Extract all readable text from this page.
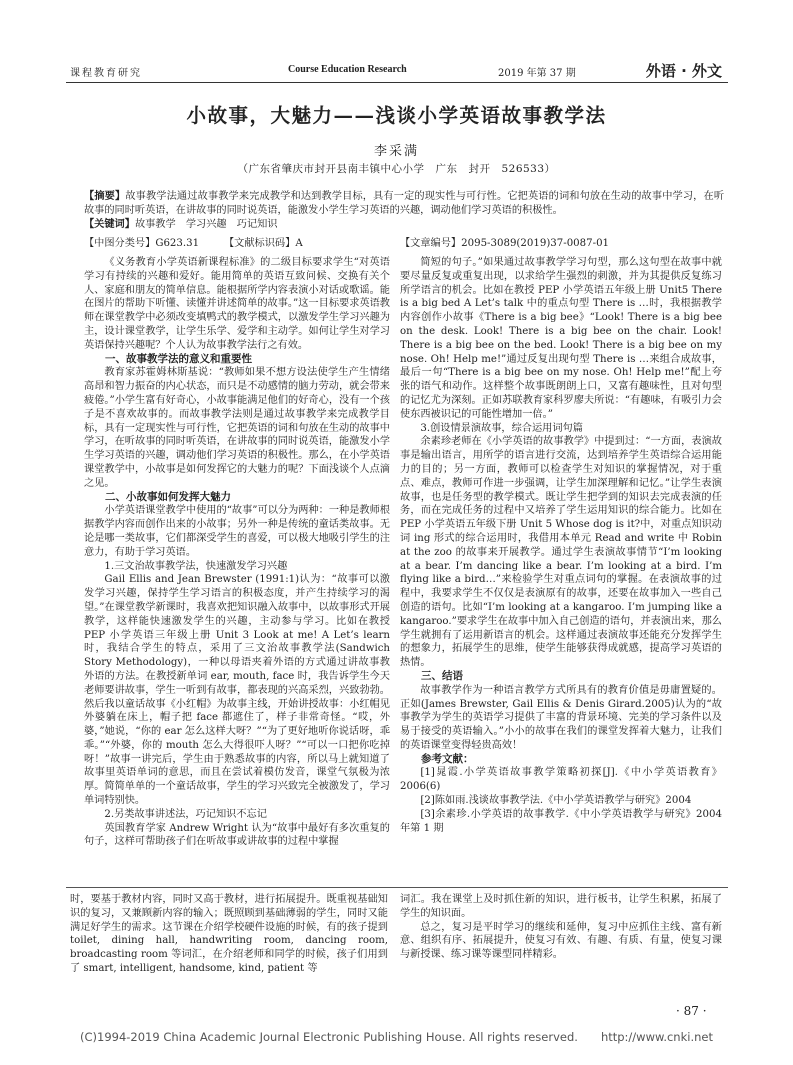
课程教育研究	Course Education Research	2019 年第 37 期	外语 · 外文
小故事，大魅力——浅谈小学英语故事教学法
李采满
（广东省肇庆市封开县南丰镇中心小学　广东　封开　526533）
【摘要】故事教学法通过故事教学来完成教学和达到教学目标，具有一定的现实性与可行性。它把英语的词和句放在生动的故事中学习，在听故事的同时听英语，在讲故事的同时说英语，能激发小学生学习英语的兴趣，调动他们学习英语的积极性。
【关键词】故事教学　学习兴趣　巧记知识
【中图分类号】G623.31 【文献标识码】A	【文章编号】2095-3089(2019)37-0087-01

《义务教育小学英语新课程标准》的二级目标要求学生“对英语学习有持续的兴趣和爱好。能用简单的英语互致问候、交换有关个人、家庭和朋友的简单信息。能根据所学内容表演小对话或歌谣。能在图片的帮助下听懂、读懂并讲述简单的故事。”这一目标要求英语教师在课堂教学中必须改变填鸭式的教学模式，以激发学生学习兴趣为主，设计课堂教学，让学生乐学、爱学和主动学。如何让学生对学习英语保持兴趣呢？个人认为故事教学法行之有效。

一、故事教学法的意义和重要性

教育家苏霍姆林斯基说：“教师如果不想方设法使学生产生情绪高昂和智力振奋的内心状态，而只是不动感情的脑力劳动，就会带来疲倦。”小学生富有好奇心，小故事能满足他们的好奇心，没有一个孩子是不喜欢故事的。而故事教学法则是通过故事教学来完成教学目标，具有一定现实性与可行性，它把英语的词和句放在生动的故事中学习，在听故事的同时听英语，在讲故事的同时说英语，能激发小学生学习英语的兴趣，调动他们学习英语的积极性。那么，在小学英语课堂教学中，小故事是如何发挥它的大魅力的呢？下面浅谈个人点滴之见。

二、小故事如何发挥大魅力

小学英语课堂教学中使用的“故事”可以分为两种：一种是教师根据教学内容而创作出来的小故事；另外一种是传统的童话类故事。无论是哪一类故事，它们都深受学生的喜爱，可以极大地吸引学生的注意力，有助于学习英语。

1.三文治故事教学法，快速激发学习兴趣

Gail Ellis and Jean Brewster (1991:1)认为：“故事可以激发学习兴趣，保持学生学习语言的积极态度，并产生持续学习的渴望。”在课堂教学新课时，我喜欢把知识融入故事中，以故事形式开展教学，这样能快速激发学生的兴趣，主动参与学习。比如在教授 PEP 小学英语三年级上册 Unit 3 Look at me! A Let’s learn 时，我结合学生的特点，采用了三文治故事教学法(Sandwich Story Methodology)，一种以母语夹着外语的方式通过讲故事教外语的方法。在教授新单词 ear, mouth, face 时，我告诉学生今天老师要讲故事，学生一听到有故事，都表现的兴高采烈，兴致勃勃。然后我以童话故事《小红帽》为故事主线，开始讲授故事：小红帽见外婆躺在床上，帽子把 face 都遮住了，样子非常奇怪。“哎，外婆，”她说，“你的 ear 怎么这样大呀？”“为了更好地听你说话呀，乖乖。”“外婆，你的 mouth 怎么大得很吓人呀？”“可以一口把你吃掉呀！”故事一讲完后，学生由于熟悉故事的内容，所以马上就知道了故事里英语单词的意思，而且在尝试着模仿发音，课堂气氛极为浓厚。简简单单的一个童话故事，学生的学习兴致完全被激发了，学习单词特别快。

2.另类故事讲述法，巧记知识不忘记

英国教育学家 Andrew Wright 认为“故事中最好有多次重复的句子，这样可帮助孩子们在听故事或讲故事的过程中掌握

简短的句子。”如果通过故事教学学习句型，那么这句型在故事中就要尽量反复或重复出现，以求给学生强烈的刺激，并为其提供反复练习所学语言的机会。比如在教授 PEP 小学英语五年级上册 Unit5 There is a big bed A Let’s talk 中的重点句型 There is …时，我根据教学内容创作小故事《There is a big bee》“Look! There is a big bee on the desk. Look! There is a big bee on the chair. Look! There is a big bee on the bed. Look! There is a big bee on my nose. Oh! Help me!”通过反复出现句型 There is …来组合成故事，最后一句“There is a big bee on my nose. Oh! Help me!”配上夸张的语气和动作。这样整个故事既朗朗上口，又富有趣味性，且对句型的记忆尤为深刻。正如苏联教育家科罗廖夫所说：“有趣味，有吸引力会使东西被识记的可能性增加一倍。”

3.创设情景演故事，综合运用词句篇

余素珍老师在《小学英语的故事教学》中提到过：“一方面，表演故事是输出语言，用所学的语言进行交流，达到培养学生英语综合运用能力的目的；另一方面，教师可以检查学生对知识的掌握情况，对于重点、难点，教师可作进一步强调，让学生加深理解和记忆。”让学生表演故事，也是任务型的教学模式。既让学生把学到的知识去完成表演的任务，而在完成任务的过程中又培养了学生运用知识的综合能力。比如在 PEP 小学英语五年级下册 Unit 5 Whose dog is it?中，对重点知识动词 ing 形式的综合运用时，我借用本单元 Read and write 中 Robin at the zoo 的故事来开展教学。通过学生表演故事情节“I’m looking at a bear. I’m dancing like a bear. I’m looking at a bird. I’m flying like a bird…”来检验学生对重点词句的掌握。在表演故事的过程中，我要求学生不仅仅是表演原有的故事，还要在故事加入一些自己创造的语句。比如“I’m looking at a kangaroo. I’m jumping like a kangaroo.”要求学生在故事中加入自己创造的语句，并表演出来，那么学生就拥有了运用新语言的机会。这样通过表演故事还能充分发挥学生的想象力，拓展学生的思维，使学生能够获得成就感，提高学习英语的热情。

三、结语

故事教学作为一种语言教学方式所具有的教育价值是毋庸置疑的。正如(James Brewster, Gail Ellis & Denis Girard.2005)认为的“故事教学为学生的英语学习提供了丰富的背景环境、完美的学习条件以及易于接受的英语输入。”小小的故事在我们的课堂发挥着大魅力，让我们的英语课堂变得轻贵高效！

参考文献：

[1]晁霞.小学英语故事教学策略初探[J].《中小学英语教育》2006(6)

[2]陈如雨.浅谈故事教学法.《中小学英语教学与研究》2004

[3]余素珍.小学英语的故事教学.《中小学英语教学与研究》2004 年第 1 期

时，要基于教材内容，同时又高于教材，进行拓展提升。既重视基础知识的复习，又兼顾新内容的输入；既照顾到基础薄弱的学生，同时又能满足好学生的需求。这节课在介绍学校硬件设施的时候，有的孩子提到 toilet, dining hall, handwriting room, dancing room, broadcasting room 等词汇，在介绍老师和同学的时候，孩子们用到了 smart, intelligent, handsome, kind, patient 等

词汇。我在课堂上及时抓住新的知识，进行板书，让学生积累，拓展了学生的知识面。

总之，复习是平时学习的继续和延伸，复习中应抓住主线、富有新意、组织有序、拓展提升，使复习有效、有趣、有质、有量，使复习课与新授课、练习课等课型同样精彩。

· 87 ·
(C)1994-2019 China Academic Journal Electronic Publishing House. All rights reserved.　　http://www.cnki.net
